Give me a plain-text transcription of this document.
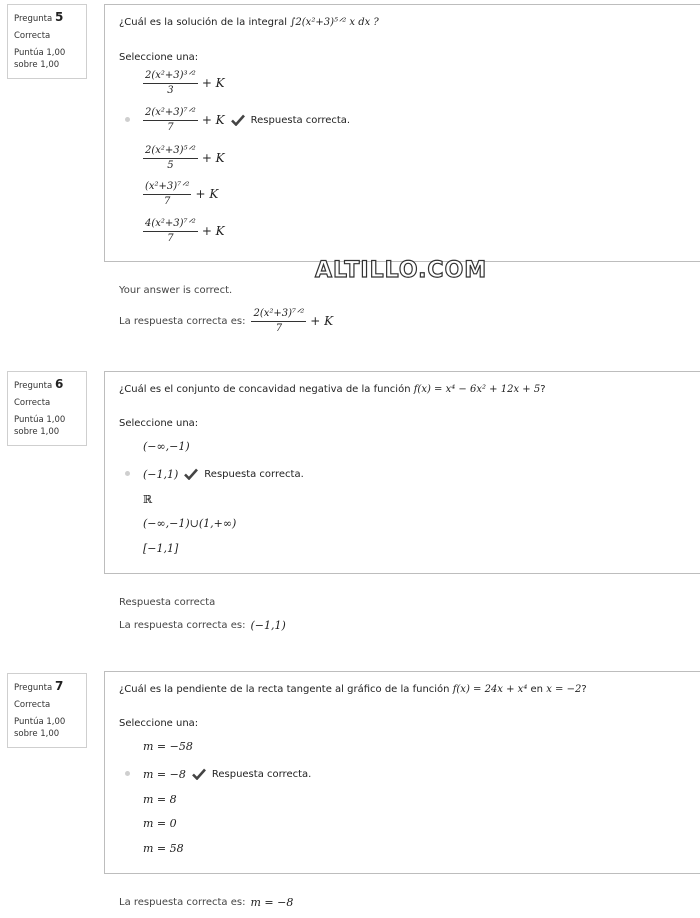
Pregunta 5
Correcta
Puntúa 1,00
sobre 1,00
¿Cuál es la solución de la integral ∫2(x²+3)⁵ᐟ² x dx ?
Seleccione una:
$\frac{\text{2(x²+3)³ᐟ²}}{3} + K$
$\frac{\text{2(x²+3)⁷ᐟ²}}{7} + K$	Respuesta correcta.
$\frac{\text{2(x²+3)⁵ᐟ²}}{5} + K$
$\frac{\text{(x²+3)⁷ᐟ²}}{7} + K$
$\frac{\text{4(x²+3)⁷ᐟ²}}{7} + K$
ALTILLO.COM
Your answer is correct.
La respuesta correcta es: $\frac{\text{2(x²+3)⁷ᐟ²}}{7} + K$
Pregunta 6
Correcta
Puntúa 1,00
sobre 1,00
¿Cuál es el conjunto de concavidad negativa de la función f(x) = x⁴ − 6x² + 12x + 5?
Seleccione una:
(−∞,−1)
(−1,1)	Respuesta correcta.
ℝ
(−∞,−1)∪(1,+∞)
[−1,1]
Respuesta correcta
La respuesta correcta es: (−1,1)
Pregunta 7
Correcta
Puntúa 1,00
sobre 1,00
¿Cuál es la pendiente de la recta tangente al gráfico de la función f(x) = 24x + x⁴ en x = −2?
Seleccione una:
m = −58
m = −8	Respuesta correcta.
m = 8
m = 0
m = 58
La respuesta correcta es: m = −8
